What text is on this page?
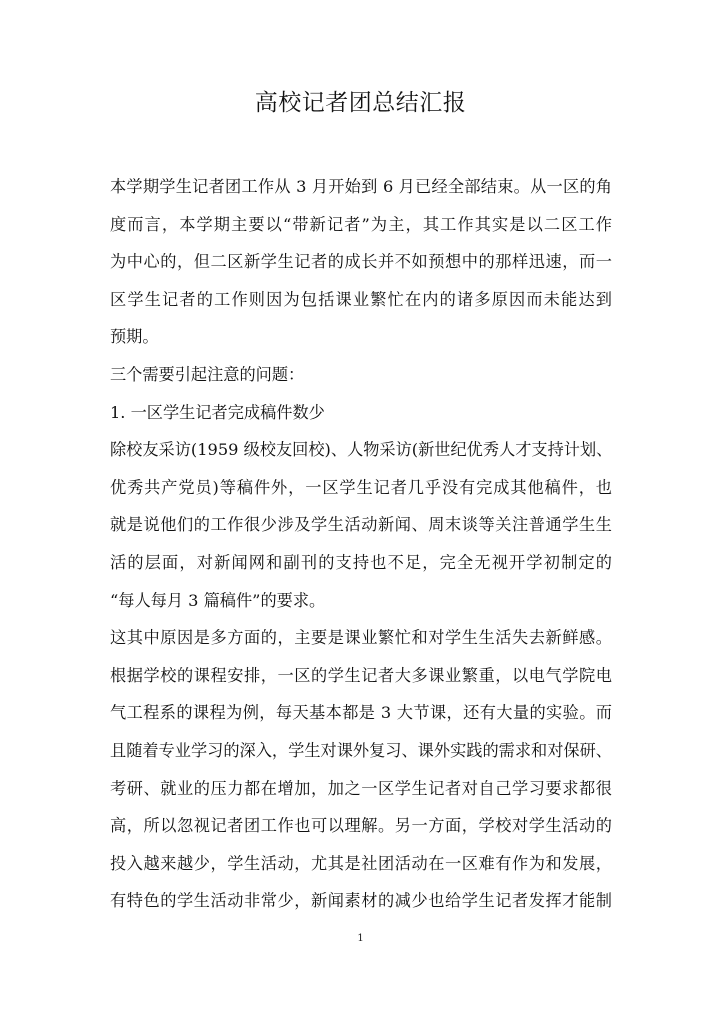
高校记者团总结汇报
本学期学生记者团工作从 3 月开始到 6 月已经全部结束。从一区的角
度而言，本学期主要以“带新记者”为主，其工作其实是以二区工作
为中心的，但二区新学生记者的成长并不如预想中的那样迅速，而一
区学生记者的工作则因为包括课业繁忙在内的诸多原因而未能达到
预期。
三个需要引起注意的问题：
1. 一区学生记者完成稿件数少
除校友采访(1959 级校友回校)、人物采访(新世纪优秀人才支持计划、
优秀共产党员)等稿件外，一区学生记者几乎没有完成其他稿件，也
就是说他们的工作很少涉及学生活动新闻、周末谈等关注普通学生生
活的层面，对新闻网和副刊的支持也不足，完全无视开学初制定的
“每人每月 3 篇稿件”的要求。
这其中原因是多方面的，主要是课业繁忙和对学生生活失去新鲜感。
根据学校的课程安排，一区的学生记者大多课业繁重，以电气学院电
气工程系的课程为例，每天基本都是 3 大节课，还有大量的实验。而
且随着专业学习的深入，学生对课外复习、课外实践的需求和对保研、
考研、就业的压力都在增加，加之一区学生记者对自己学习要求都很
高，所以忽视记者团工作也可以理解。另一方面，学校对学生活动的
投入越来越少，学生活动，尤其是社团活动在一区难有作为和发展，
有特色的学生活动非常少，新闻素材的减少也给学生记者发挥才能制
1
